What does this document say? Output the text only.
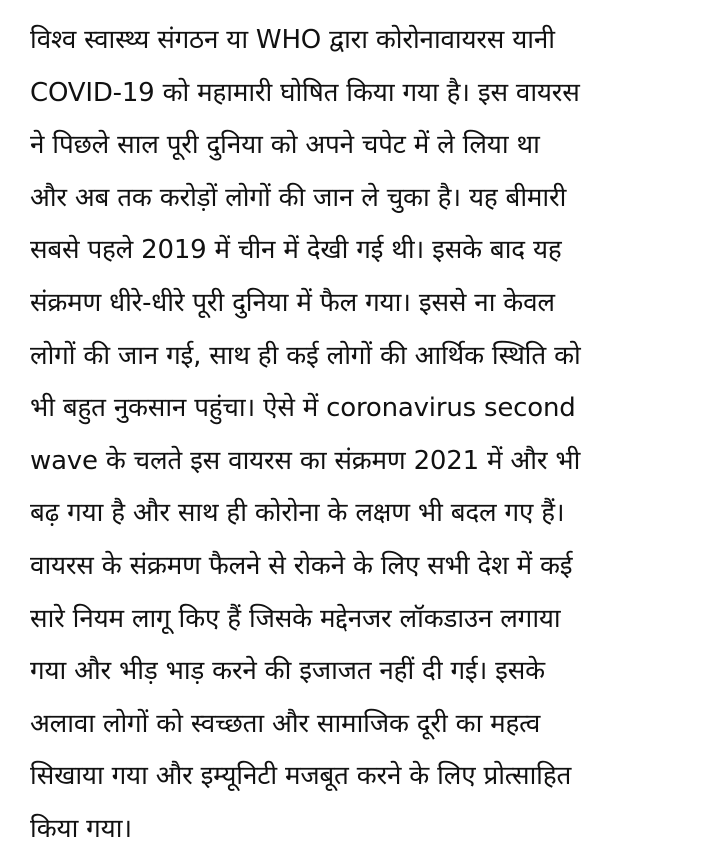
विश्व स्वास्थ्य संगठन या WHO द्वारा कोरोनावायरस यानी
COVID-19 को महामारी घोषित किया गया है। इस वायरस
ने पिछले साल पूरी दुनिया को अपने चपेट में ले लिया था
और अब तक करोड़ों लोगों की जान ले चुका है। यह बीमारी
सबसे पहले 2019 में चीन में देखी गई थी। इसके बाद यह
संक्रमण धीरे-धीरे पूरी दुनिया में फैल गया। इससे ना केवल
लोगों की जान गई, साथ ही कई लोगों की आर्थिक स्थिति को
भी बहुत नुकसान पहुंचा। ऐसे में coronavirus second
wave के चलते इस वायरस का संक्रमण 2021 में और भी
बढ़ गया है और साथ ही कोरोना के लक्षण भी बदल गए हैं।
वायरस के संक्रमण फैलने से रोकने के लिए सभी देश में कई
सारे नियम लागू किए हैं जिसके मद्देनजर लॉकडाउन लगाया
गया और भीड़ भाड़ करने की इजाजत नहीं दी गई। इसके
अलावा लोगों को स्वच्छता और सामाजिक दूरी का महत्व
सिखाया गया और इम्यूनिटी मजबूत करने के लिए प्रोत्साहित
किया गया।
